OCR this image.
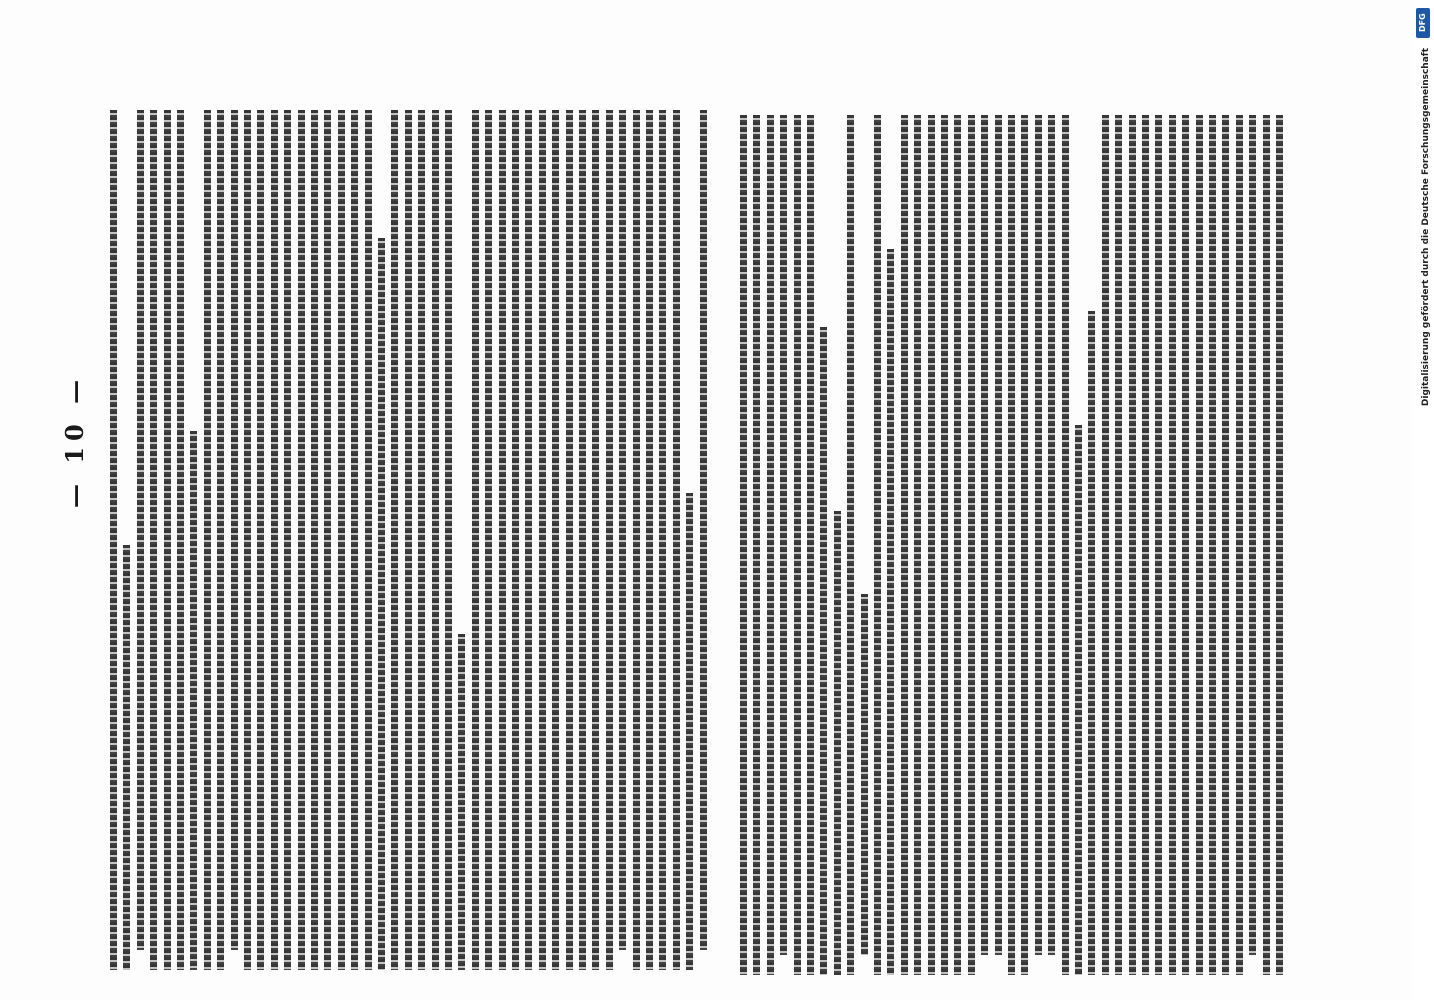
— 10 —
DFG
Digitalisierung gefördert durch die Deutsche Forschungsgemeinschaft
